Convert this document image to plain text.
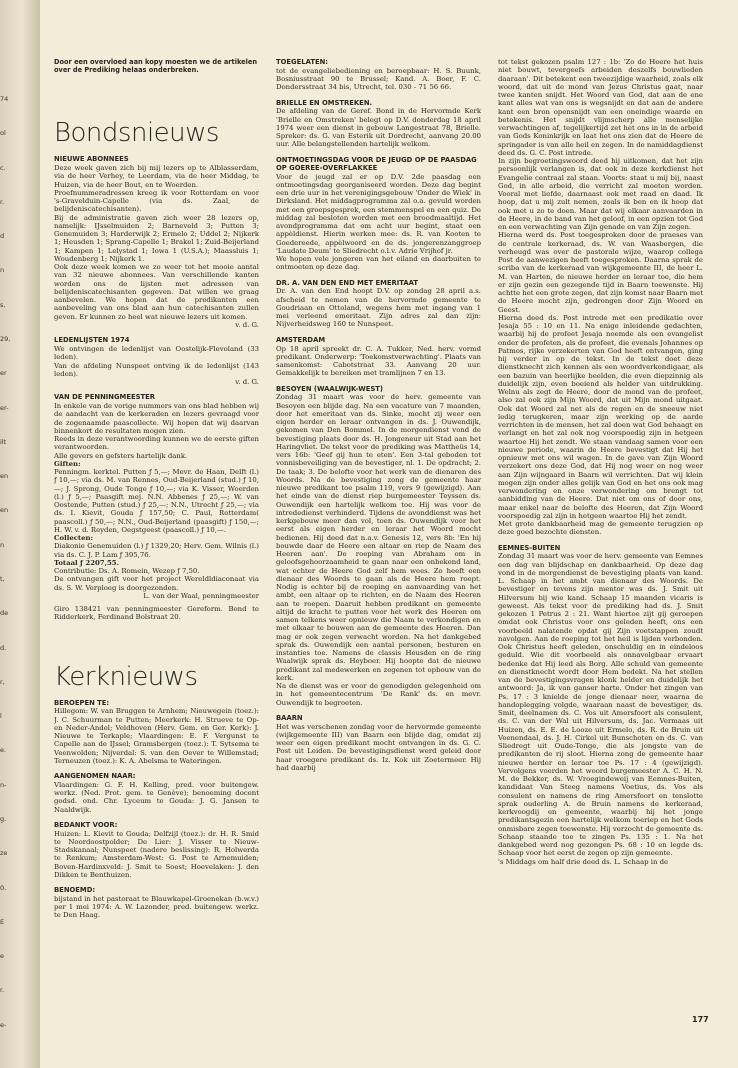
74
ol
c.
r.
d
n
s,
29,
er
er-
ilt
en
en
n
t,
de
d.
r,
l
e.
n-
g.
ze
0.
E
e
r.
e-

Door een overvloed aan kopy moesten we de artikelen over de Prediking helaas onderbreken.

Bondsnieuws
NIEUWE ABONNEES

Deze week gaven zich bij mij lezers op te Alblasserdam, via de heer Verhey, te Leerdam, via de heer Middag, te Huizen, via de heer Bout, en te Woerden.

Proefnummeradressen kreeg ik voor Rotterdam en voor 's-Gravelduin-Capelle (via ds. Zaal, de belijdeniscatechisanten).

Bij de administratie gaven zich weer 28 lezers op, namelijk: IJsselmuiden 2; Barneveld 3; Putten 3; Genemuiden 3; Harderwijk 2; Ermelo 2; Uddel 2; Nijkerk 1; Heusden 1; Sprang-Capelle 1; Brakel 1; Zuid-Beijerland 1; Kampen 1; Lelystad 1; Iowa 1 (U.S.A.); Maassluis 1; Woudenberg 1; Nijkerk 1.

Ook deze week komen we zo weer tot het mooie aantal van 32 nieuwe abonnees. Van verschillende kanten worden ons de lijsten met adressen van belijdeniscatechisanten gegeven. Dat willen we graag aanbevelen. We hopen dat de predikanten een aanbeveling van ons blad aan hun catechisanten zullen geven. Er kunnen zo heel wat nieuwe lezers uit komen.

v. d. G.

LEDENLIJSTEN 1974

We ontvingen de ledenlijst van Oostelijk-Flevoland (33 leden).

Van de afdeling Nunspeet ontving ik de ledenlijst (143 leden).

v. d. G.

VAN DE PENNINGMEESTER

In enkele van de vorige nummers van ons blad hebben wij de aandacht van de kerkeraden en lezers gevraagd voor de zogenaamde paascollecte. Wij hopen dat wij daarvan binnenkort de resultaten mogen zien.

Reeds in deze verantwoording kunnen we de eerste giften verantwoorden.

Alle gevers en gefsters hartelijk dank.

Giften:

Penningm. kerktel. Putten ƒ 5,—; Mevr. de Haan, Delft (l.) ƒ 10,—; via ds. M. van Rennes, Oud-Beijerland (stud.) ƒ 10,—; J. Sprong, Oude Tonge ƒ 10,—; via K. Visser, Woerden (l.) ƒ 5,—; Paasgift mej. N.N. Abbenes ƒ 25,—; W. van Oostende, Putten (stud.) ƒ 25,—; N.N., Utrecht ƒ 25,—; via ds. I. Kievit, Gouda ƒ 157,50; C. Paul, Rotterdam( paascoll.) ƒ 50,—; N.N., Oud-Beijerland (paasgift) ƒ 150,—; H. W. v. d. Reyden, Oegstgeest (paascoll.) ƒ 10,—.

Collecten:

Diakonie Genemuiden (l.) ƒ 1329,20; Herv. Gem. Wilnis (l.) via ds. C. J. P. Lam ƒ 395,76.

Totaal ƒ 2207,55.

Contributie: Ds. A. Romein, Wezep ƒ 7,50.

De ontvangen gift voor het project Wereldldiaconaat via ds. S. W. Verploeg is doorgezonden.

L. van der Waal, penningmeester

Giro 138421 van penningmeester Gereform. Bond te Ridderkerk, Ferdinand Bolstraat 20.

Kerknieuws
BEROEPEN TE:

Hillegom: W. van Bruggen te Arnhem; Nieuwegein (toez.): J. C. Schuurman te Putten; Meerkerk: H. Strueve te Op- en Neder-Andel; Veldhoven (Herv. Gem. en Ger. Kerk): J. Nieuwe te Terkaple; Vlaardingen: E. F. Vergunst te Capelle aan de IJssel; Gramsbergen (toez.): T. Sytsema te Veenwolden; Nijverdal: S. van den Oever te Willemstad; Terneuzen (toez.): K. A. Abelsma te Wateringen.

AANGENOMEN NAAR:

Vlaardingen: G. F. H. Kelling, pred. voor buitengew. werkz. (Ned. Prot. gem. te Genève); benoeming docent godsd. ond. Chr. Lyceum te Gouda: J. G. Jansen te Naaldwijk.

BEDANKT VOOR:

Huizen: L. Kievit te Gouda; Delfzijl (toez.): dr. H. R. Smid te Noordoostpolder; De Lier: J. Visser te Nieuw-Stadskanaal; Nunspeet (nadere beslissing): R. Holwerda te Renkum; Amsterdam-West: G. Post te Arnemuiden; Boven-Hardinxveld: J. Smit te Soest; Hoevelaken: J. den Dikken te Benthuizen.

BENOEMD:

bijstand in het pastoraat te Blauwkapel-Groenekan (b.w.v.) per 1 mei 1974: A. W. Lazonder, pred. buitengew. werkz. te Den Haag.

TOEGELATEN:

tot de evangeliebediening en beroepbaar: H. S. Buunk, Bosniusstraat 90 te Brussel; Kand. A. Boer, F. C. Dondersstraat 34 bis, Utrecht, tel. 030 - 71 56 66.

BRIELLE EN OMSTREKEN.

De afdeling van de Geref. Bond in de Hervormde Kerk 'Brielle en Omstreken' belegt op D.V. donderdag 18 april 1974 weer een dienst in gebouw Langestraat 78, Brielle. Spreker: ds. G. van Esterik uit Dordrecht, aanvang 20.00 uur. Alle belangstellenden hartelijk welkom.

ONTMOETINGSDAG VOOR DE JEUGD OP DE PAASDAG OP GOEREE-OVERFLAKKEE

Voor de jeugd zal er op D.V. 2de paasdag een ontmoetingsdag georganiseerd worden. Deze dag begint een drie uur in het verenigingsgebouw 'Onder de Wiek' in Dirksland. Het middagprogramma zal o.a. gevuld worden met een groepsgesprek, een stemmenspel en een quiz. De middag zal besloten worden met een broodmaaltijd. Het avondprogramma dat om acht uur begint, staat een appèldienst. Hierin werken mee: ds. R. van Kooten te Goedereede, appèlwoord en de ds. jongerenzanggroep 'Laudate Deum' te Sliedrecht o.l.v. Adrie Vrijhof jr.

We hopen vele jongeren van het eiland en daarbuiten te ontmoeten op deze dag.

DR. A. VAN DEN END MET EMERITAAT

Dr. A. van den End hoopt D.V. op zondag 28 april a.s. afscheid te nemen van de hervormde gemeente te Goudriaan en Ottoland, wegens hem met ingang van 1 mei verleend emeritaat. Zijn adres zal dan zijn: Nijverheidsweg 160 te Nunspeet.

AMSTERDAM

Op 18 april spreekt dr. C. A. Tukker, Ned. herv. vormd predikant. Onderwerp: 'Toekomstverwachting'. Plaats van samenkomst: Cabotstraat 33. Aanvang 20 uur. Gemakkelijk te bereiken met tramlijnen 7 en 13.

BESOYEN (WAALWIJK-WEST)

Zondag 31 maart was voor de herv. gemeente van Besoyen een blijde dag. Na een vacature van 7 maanden, door het emeritaat van ds. Sinke, mocht zij weer een eigen herder en leraar ontvangen in ds. J. Ouwendijk, gekomen van Den Bommel. In de morgendienst vond de bevestiging plaats door ds. H. Jongeneur uit Stad aan het Haringvliet. De tekst voor de prediking was Mattheüs 14, vers 16b: 'Geef gij hun te eten'. Een 3-tal geboden tot vonnisbeveiliging van de bevestiger, nl. 1. De opdracht; 2. De taak; 3. De belofte voor het werk van de dienaren des Woords. Na de bevestiging zong de gemeente haar nieuwe predikant toe psalm 119, vers 9 (gewijzigd). Aan het einde van de dienst riep burgemeester Teyssen ds. Ouwendijk een hartelijk welkom toe. Hij was voor de intrededienst verhinderd. Tijdens de avonddienst was het kerkgebouw meer dan vol, toen ds. Ouwendijk voor het eerst als eigen herder en leraar het Woord mocht bedienen. Hij deed dat n.a.v. Genesis 12, vers 8b: 'En hij bouwde daar de Heere een altaar en riep de Naam des Heeren aan'. De roeping van Abraham om in geloofsgehoorzaamheid te gaan naar een onbekend land, wat echter de Heere God zelf hem wees. Zo heeft een dienaar des Woords te gaan als de Heere hem roept. Nodig is echter bij de roeping en aanvaarding van het ambt, een altaar op te richten, en de Naam des Heeren aan te roepen. Daaruit hebben predikant en gemeente altijd de kracht te putten voor het werk des Heeren om samen telkens weer opnieuw die Naam te verkondigen en met elkaar te bouwen aan de gemeente des Heeren. Dan mag er ook zegen verwacht worden. Na het dankgebed sprak ds. Ouwendijk een aantal personen, besturen en instanties toe. Namens de classis Heusden en de ring Waalwijk sprak ds. Heyboer. Hij hoopte dat de nieuwe predikant zal medewerken en zegenen tot opbouw van de kerk.

Na de dienst was er voor de genodigden gelegenheid om in het gemeentecentrum 'De Rank' ds. en mevr. Ouwendijk te begroeten.

BAARN

Het was verschenen zondag voor de hervormde gemeente (wijkgemeente III) van Baarn een blijde dag, omdat zij weer een eigen predikant mocht ontvangen in ds. G. C. Post uit Leiden. De bevestigingsdienst werd geleid door haar vroegere predikant ds. Iz. Kok uit Zoetermeer. Hij had daarbij

tot tekst gekozen psalm 127 : 1b: 'Zo de Heere het huis niet bouwt, tevergeefs arbeiden deszelfs bouwlieden daaraan'. Dit betekent een tweezijdige waarheid, zoals elk woord, dat uit de mond van Jezus Christus gaat, naar twee kanten snijdt. Het Woord van God, dat aan de ene kant alles wat van ons is wegsnijdt en dat aan de andere kant een bron opensnijdt van een oneindige waarde en betekenis. Het snijdt vlijmscherp alle menselijke verwachtingen af, tegelijkertijd zet het ons in in de arbeid van Gods Koninkrijk en laat het ons zien dat de Heere de springader is van alle heil en zegen. In de namiddagdienst deed ds. G. C. Post intrede.

In zijn begroetingswoord deed hij uitkomen, dat het zijn persoonlijk verlangen is, dat ook in deze kerkdienst het Evangelie centraal zal staan. Voorts: staat u mij bij, naast God, in alle arbeid, die verricht zal moeten worden. Vooral met liefde, daarnaast ook met raad en daad. Ik hoop, dat u mij zult nemen, zoals ik ben en ik hoop dat ook met u zo te doen. Maar dat wij elkaar aanvaarden in de Heere, in de band van het geloof, in een opzien tot God en een verwachting van Zijn genade en van Zijn zegen.

Hierna werd ds. Post toegesproken door de praeses van de centrale kerkeraad, ds. W. van Waasbergen, die verheugd was over de pastorale wijze, waarop collega Post de aanwezigen heeft toegesproken. Daarna sprak de scriba van de kerkeraad van wijkgemeente III, de heer L. M. van Harten, de nieuwe herder en leraar toe, die hem er zijn gezin een gezegende tijd in Baarn toewenste. Hij achtte het een grote zegen, dat zijn komst naar Baarn met de Heere mocht zijn, gedrongen door Zijn Woord en Geest.

Hierna deed ds. Post intrede met een predikatie over Jesaja 55 : 10 en 11. Na enige inleidende gedachten, waarbij hij de profeet Jesaja noemde als een evangelist onder de profeten, als de profeet, die evenals Johannes op Patmos, rijke verzekerten van God heeft ontvangen, ging hij verder in op de tekst. In de tekst doet deze dienstknecht zich kennen als een woordverkondigaar, als een bazuin van heerlijke beelden, die even diepzinnig als duidelijk zijn, even boeiend als helder van uitdrukking. Welnu als zegt de Heere, door de mond van de profeet, also zal ook zijn Mijn Woord, dat uit Mijn mond uitgaat. Ook dat Woord zal net als de regen en de sneeuw niet ledig terugkeren, maar zijn werking op de aarde verrichten in de mensen, het zal doen wat God behaagt en verlangt en het zal ook nog voorspoedig zijn in hetgeen waartoe Hij het zendt. We staan vandaag samen voor een nieuwe periode, waarin de Heere bevestigt dat Hij het opnieuw met ons wil wagen. In de gave van Zijn Woord verzekert ons deze God, dat Hij nog weer en nog weer aan Zijn wijngaard in Baarn wil verrichten. Dat wij klein mogen zijn onder alles gelijk van God en het ons ook mag verwondering en onze verwondering om brengt tot aanbidding van de Heere. Dat niet om ons of door ons, maar enkel naar de belofte des Heeren, dat Zijn Woord voorspoedig zal zijn in hetgeen waartoe Hij het zendt.

Met grote dankbaarheid mag de gemeente terugzien op deze goed bezochte diensten.

EEMNES-BUITEN

Zondag 31 maart was voor de herv. gemeente van Eemnes een dag van blijdschap en dankbaarheid. Op deze dag vond in de morgendienst de bevestiging plaats van kand. L. Schaap in het ambt van dienaar des Woords. De bevestiger en tevens zijn mentor was ds. J. Smit uit Hilversum bij wie kand. Schaap 15 maanden vicaris is geweest. Als tekst voor de prediking had ds. J. Smit gekozen 1 Petrus 2 : 21. Want hiertoe zijt gij geroepen omdat ook Christus voor ons geleden heeft, ons een voorbeeld nalatende opdat gij Zijn voetstappen zoudt navolgen. Aan de roeping tot het heil is lijden verbonden. Ook Christus heeft geleden, onschuldig en in eindeloos geduld. Wie dit voorbeeld als onnavolgbaar ervaart bedenke dat Hij leed als Borg. Alle schuld van gemeente en dienstknecht wordt door Hem bedekt. Na het stellen van de bevestigingsvragen klonk helder en duidelijk het antwoord: Ja, ik van ganser harte. Onder het zingen van Ps. 17 : 3 knielde de jonge dienaar neer, waarna de handoplegging volgde, waaraan naast de bevestiger, ds. Smit, deelnamen ds. C. Vos uit Amersfoort als consulent, ds. C. van der Wal uit Hilversum, ds. Jac. Vermaas uit Huizen, ds. E. E. de Looze uit Ermelo, ds. R. de Bruin uit Veenendaal, ds. J. H. Cirkel uit Bunschoten en ds. C. van Sliedregt uit Oude-Tonge, die als jongste van de predikanten de rij sloot. Hierna zong de gemeente haar nieuwe herder en leraar toe Ps. 17 : 4 (gewijzigd). Vervolgens voerden het woord burgemeester A. C. H. N. M. de Bekker, ds. W. Vroegindeweij van Eemnes-Buiten, kandidaat Van Steeg namens Voetius, ds. Vos als consulent en namens de ring Amersfoort en tenslotte sprak ouderling A. de Bruin namens de kerkeraad, kerkvoogdij en gemeente, waarbij hij het jonge predikantsgezin een hartelijk welkom toeriep en het Gods onmisbare zegen toewenste. Hij verzocht de gemeente ds. Schaap staande toe te zingen Ps. 135 : 1. Na het dankgebed werd nog gezongen Ps. 68 : 10 en legde ds. Schaap voor het eerst de zegen op zijn gemeente.

's Middags om half drie deed ds. L. Schaap in de

177
